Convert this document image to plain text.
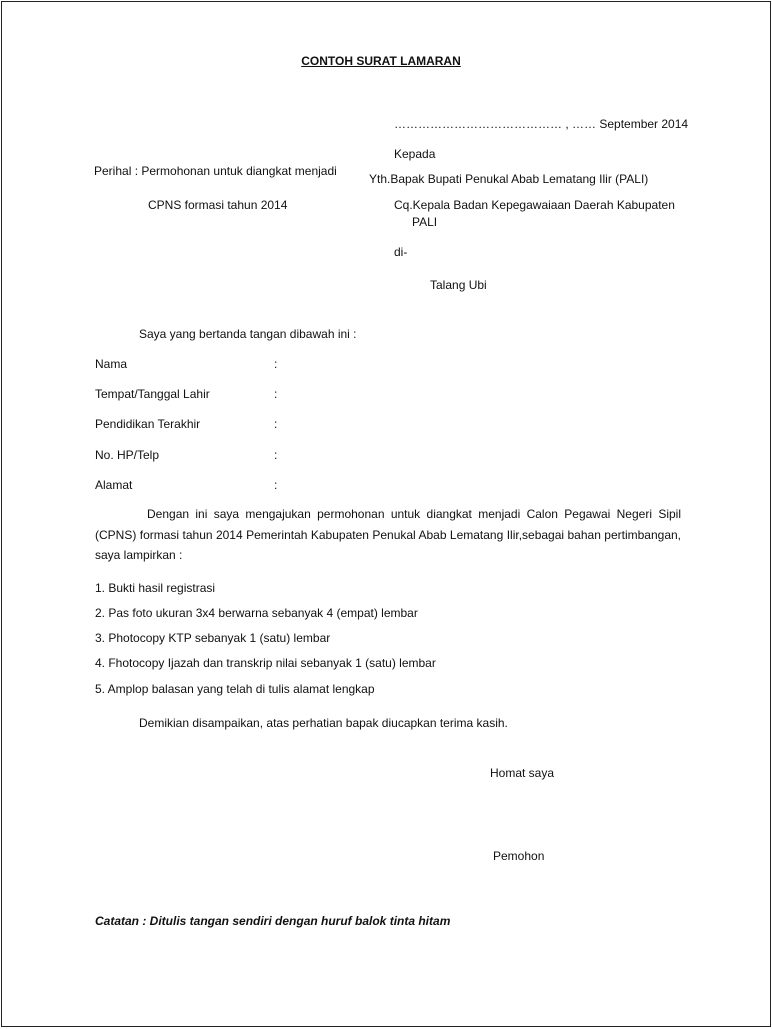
CONTOH SURAT LAMARAN
…………………………………… , …… September 2014
Kepada
Perihal : Permohonan untuk diangkat menjadi
Yth.Bapak Bupati Penukal Abab Lematang Ilir (PALI)
CPNS formasi tahun 2014	Cq.Kepala Badan Kepegawaiaan Daerah Kabupaten
PALI
di-
Talang Ubi
Saya yang bertanda tangan dibawah ini :
Nama	:
Tempat/Tanggal Lahir	:
Pendidikan Terakhir	:
No. HP/Telp	:
Alamat	:
Dengan ini saya mengajukan permohonan untuk diangkat menjadi Calon Pegawai Negeri Sipil (CPNS) formasi tahun 2014 Pemerintah Kabupaten Penukal Abab Lematang Ilir,sebagai bahan pertimbangan, saya lampirkan :
1. Bukti hasil registrasi
2. Pas foto ukuran 3x4 berwarna sebanyak 4 (empat) lembar
3. Photocopy KTP sebanyak 1 (satu) lembar
4. Fhotocopy Ijazah dan transkrip nilai sebanyak 1 (satu) lembar
5. Amplop balasan yang telah di tulis alamat lengkap
Demikian disampaikan, atas perhatian bapak diucapkan terima kasih.
Homat saya
Pemohon
Catatan : Ditulis tangan sendiri dengan huruf balok tinta hitam
